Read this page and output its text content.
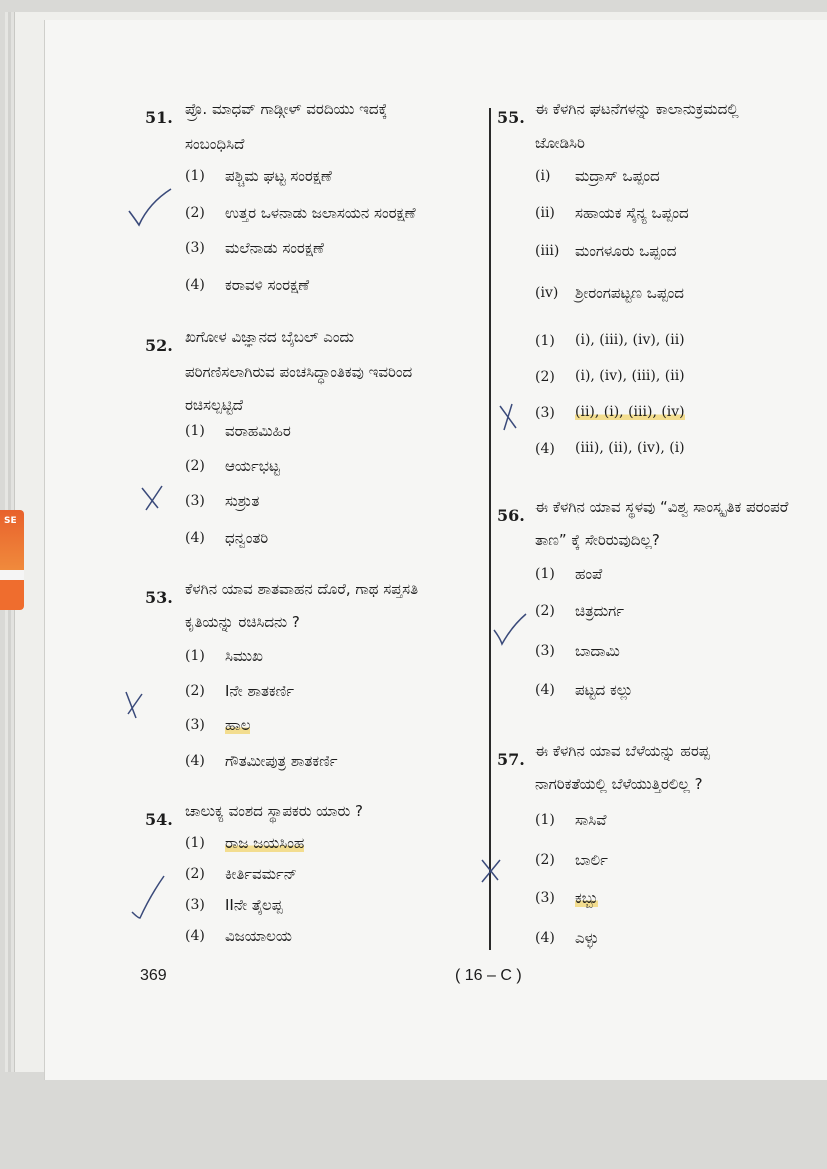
SE
51. ಪ್ರೊ. ಮಾಧವ್ ಗಾಡ್ಗೀಳ್ ವರದಿಯು ಇದಕ್ಕೆ
ಸಂಬಂಧಿಸಿದೆ
(1) ಪಶ್ಚಿಮ ಘಟ್ಟ ಸಂರಕ್ಷಣೆ
(2) ಉತ್ತರ ಒಳನಾಡು ಜಲಾಸಯನ ಸಂರಕ್ಷಣೆ
(3) ಮಲೆನಾಡು ಸಂರಕ್ಷಣೆ
(4) ಕರಾವಳಿ ಸಂರಕ್ಷಣೆ
52. ಖಗೋಳ ವಿಜ್ಞಾನದ ಬೈಬಲ್ ಎಂದು
ಪರಿಗಣಿಸಲಾಗಿರುವ ಪಂಚಸಿದ್ಧಾಂತಿಕವು ಇವರಿಂದ
ರಚಿಸಲ್ಪಟ್ಟಿದೆ
(1) ವರಾಹಮಿಹಿರ
(2) ಆರ್ಯಭಟ್ಟ
(3) ಸುಶ್ರುತ
(4) ಧನ್ವಂತರಿ
53. ಕೆಳಗಿನ ಯಾವ ಶಾತವಾಹನ ದೊರೆ, ಗಾಥ ಸಪ್ತಸತಿ
ಕೃತಿಯನ್ನು ರಚಿಸಿದನು ?
(1) ಸಿಮುಖ
(2) Iನೇ ಶಾತಕರ್ಣಿ
(3) ಹಾಲ
(4) ಗೌತಮೀಪುತ್ರ ಶಾತಕರ್ಣಿ
54. ಚಾಲುಕ್ಯ ವಂಶದ ಸ್ಥಾಪಕರು ಯಾರು ?
(1) ರಾಜ ಜಯಸಿಂಹ
(2) ಕೀರ್ತಿವರ್ಮನ್
(3) IIನೇ ತೈಲಪ್ಪ
(4) ವಿಜಯಾಲಯ
55. ಈ ಕೆಳಗಿನ ಘಟನೆಗಳನ್ನು ಕಾಲಾನುಕ್ರಮದಲ್ಲಿ
ಜೋಡಿಸಿರಿ
(i) ಮದ್ರಾಸ್ ಒಪ್ಪಂದ
(ii) ಸಹಾಯಕ ಸೈನ್ಯ ಒಪ್ಪಂದ
(iii) ಮಂಗಳೂರು ಒಪ್ಪಂದ
(iv) ಶ್ರೀರಂಗಪಟ್ಟಣ ಒಪ್ಪಂದ
(1) (i), (iii), (iv), (ii)
(2) (i), (iv), (iii), (ii)
(3) (ii), (i), (iii), (iv)
(4) (iii), (ii), (iv), (i)
56. ಈ ಕೆಳಗಿನ ಯಾವ ಸ್ಥಳವು “ವಿಶ್ವ ಸಾಂಸ್ಕೃತಿಕ ಪರಂಪರೆ
ತಾಣ” ಕ್ಕೆ ಸೇರಿರುವುದಿಲ್ಲ?
(1) ಹಂಪೆ
(2) ಚಿತ್ರದುರ್ಗ
(3) ಬಾದಾಮಿ
(4) ಪಟ್ಟದ ಕಲ್ಲು
57. ಈ ಕೆಳಗಿನ ಯಾವ ಬೆಳೆಯನ್ನು ಹರಪ್ಪ
ನಾಗರಿಕತೆಯಲ್ಲಿ ಬೆಳೆಯುತ್ತಿರಲಿಲ್ಲ ?
(1) ಸಾಸಿವೆ
(2) ಬಾರ್ಲಿ
(3) ಕಬ್ಬು
(4) ಎಳ್ಳು
369	( 16 – C )
